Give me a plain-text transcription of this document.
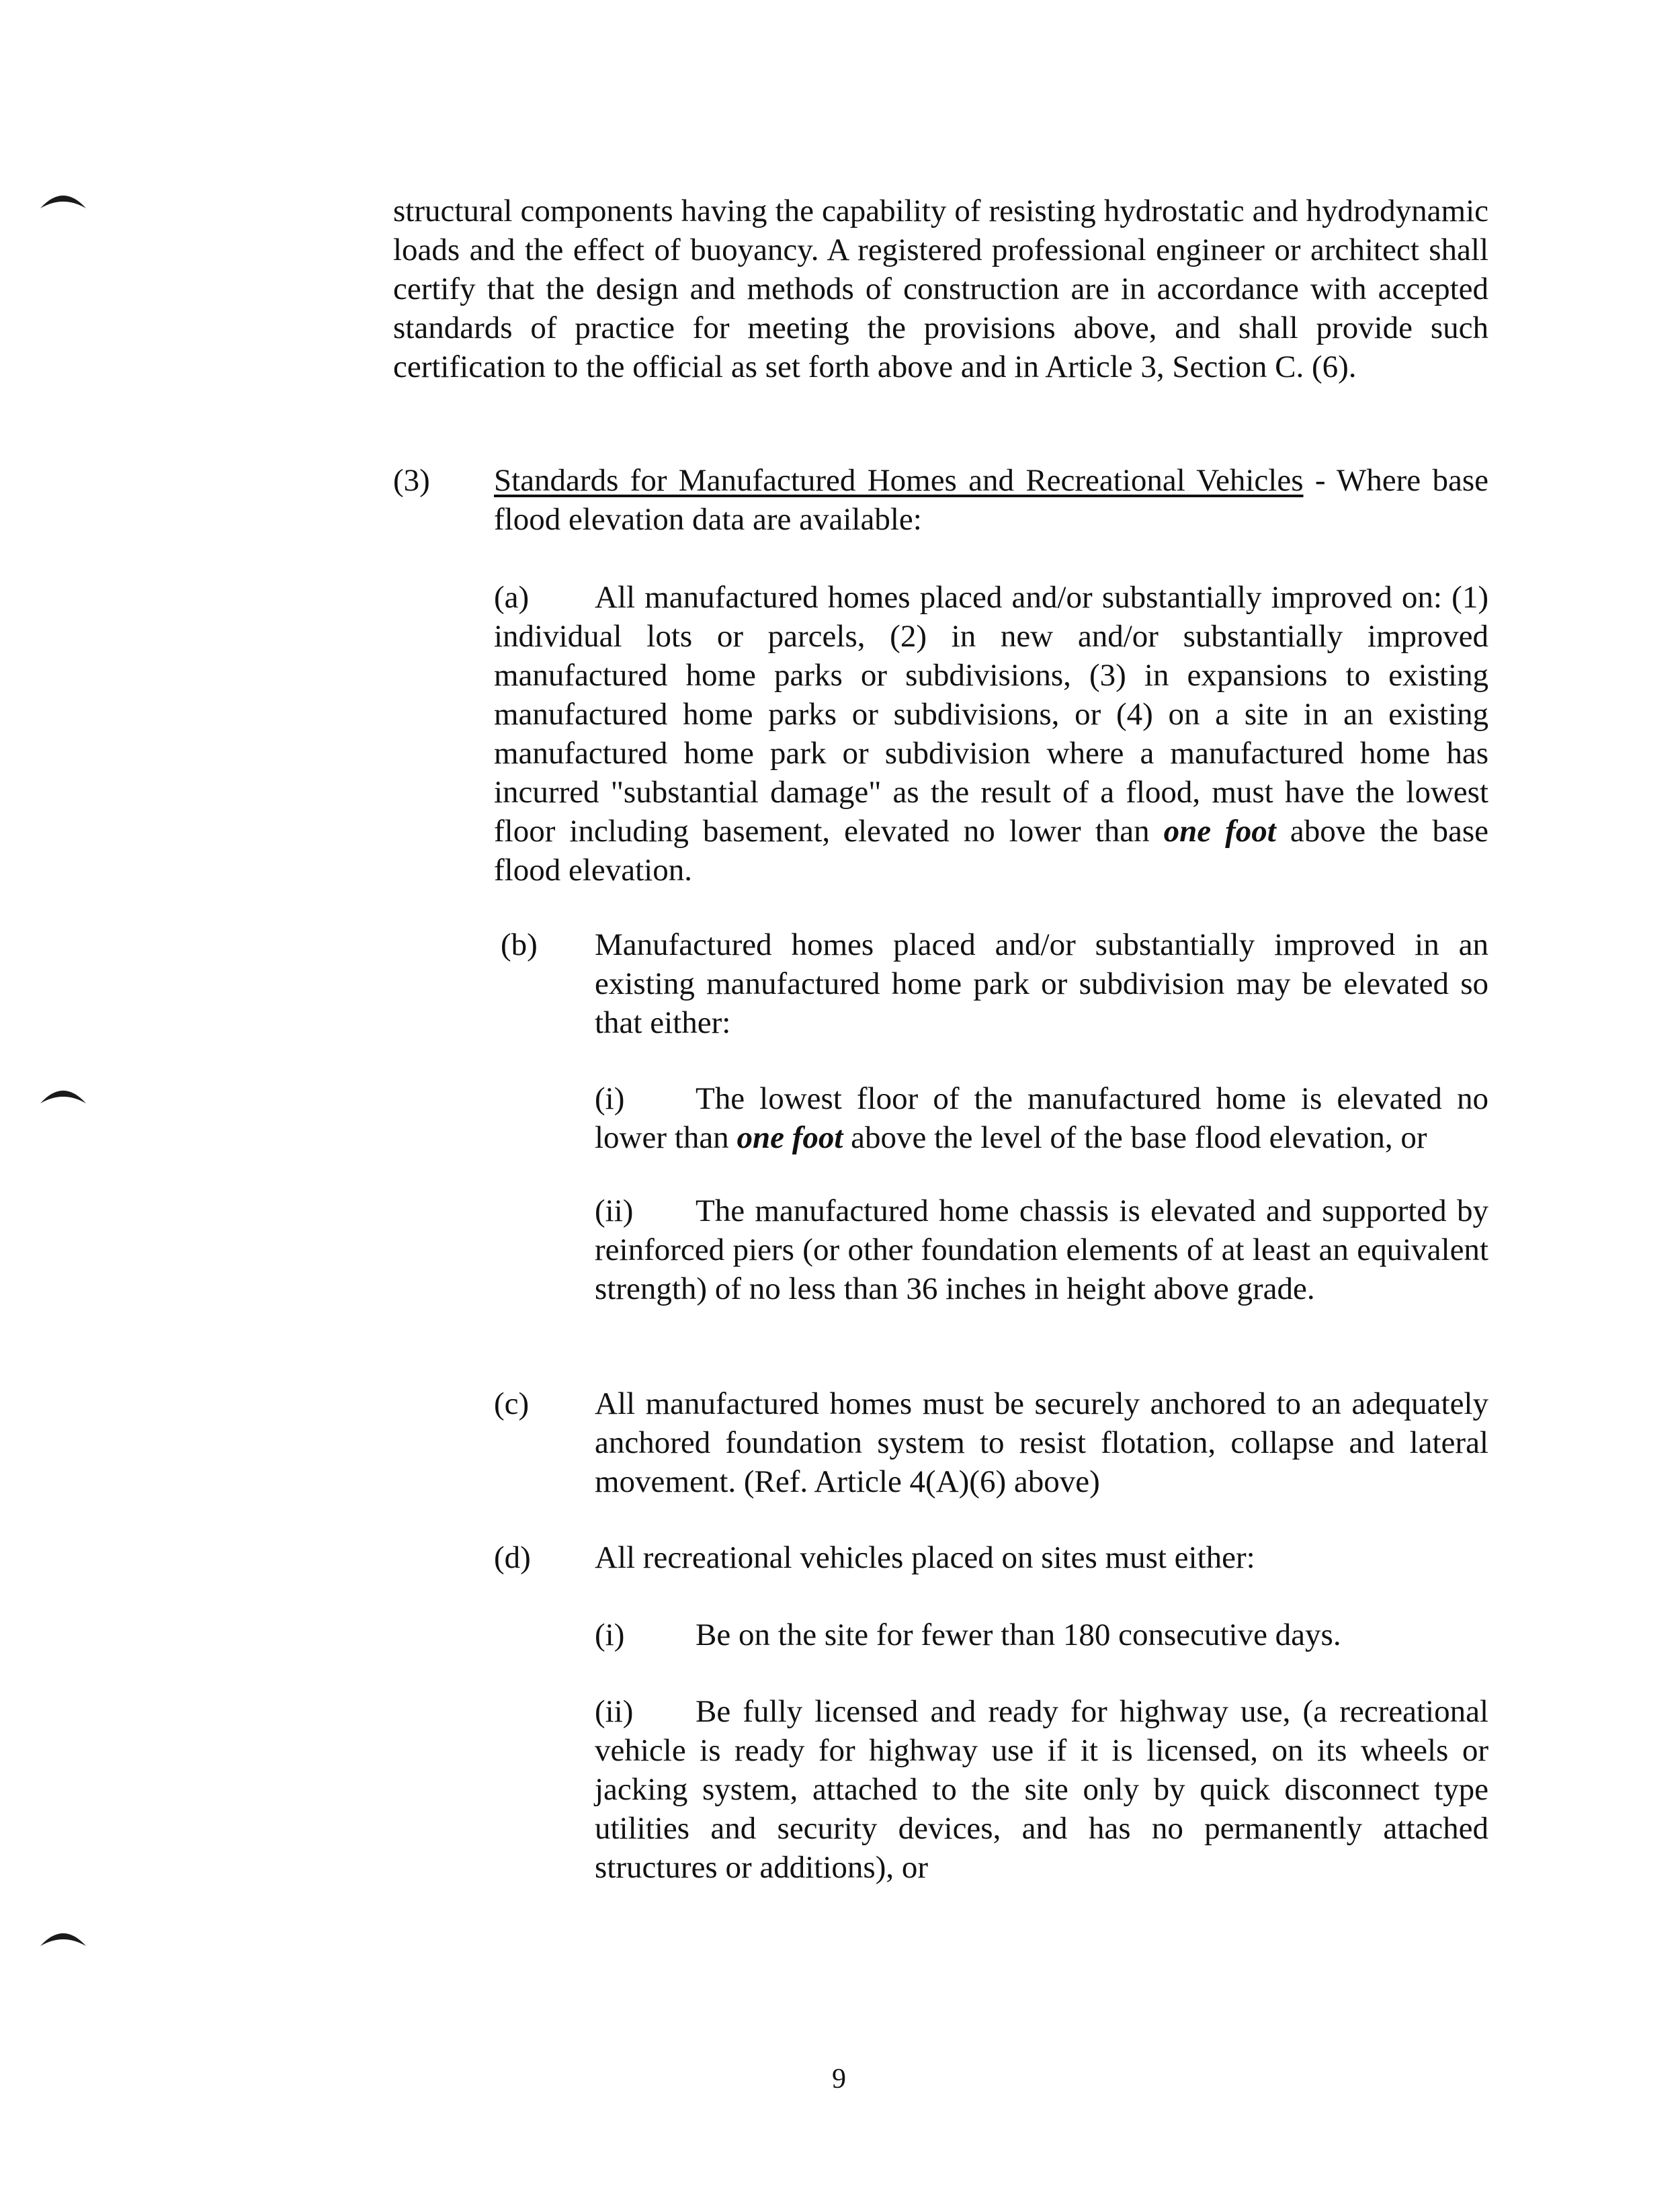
structural components having the capability of resisting hydrostatic and hydrodynamic loads and the effect of buoyancy. A registered professional engineer or architect shall certify that the design and methods of construction are in accordance with accepted standards of practice for meeting the provisions above, and shall provide such certification to the official as set forth above and in Article 3, Section C. (6).

(3) Standards for Manufactured Homes and Recreational Vehicles - Where base flood elevation data are available:

(a) All manufactured homes placed and/or substantially improved on: (1) individual lots or parcels, (2) in new and/or substantially improved manufactured home parks or subdivisions, (3) in expansions to existing manufactured home parks or subdivisions, or (4) on a site in an existing manufactured home park or subdivision where a manufactured home has incurred "substantial damage" as the result of a flood, must have the lowest floor including basement, elevated no lower than one foot above the base flood elevation.

(b) Manufactured homes placed and/or substantially improved in an existing manufactured home park or subdivision may be elevated so that either:

(i) The lowest floor of the manufactured home is elevated no lower than one foot above the level of the base flood elevation, or

(ii) The manufactured home chassis is elevated and supported by reinforced piers (or other foundation elements of at least an equivalent strength) of no less than 36 inches in height above grade.

(c) All manufactured homes must be securely anchored to an adequately anchored foundation system to resist flotation, collapse and lateral movement. (Ref. Article 4(A)(6) above)

(d) All recreational vehicles placed on sites must either:

(i) Be on the site for fewer than 180 consecutive days.

(ii) Be fully licensed and ready for highway use, (a recreational vehicle is ready for highway use if it is licensed, on its wheels or jacking system, attached to the site only by quick disconnect type utilities and security devices, and has no permanently attached structures or additions), or

9
